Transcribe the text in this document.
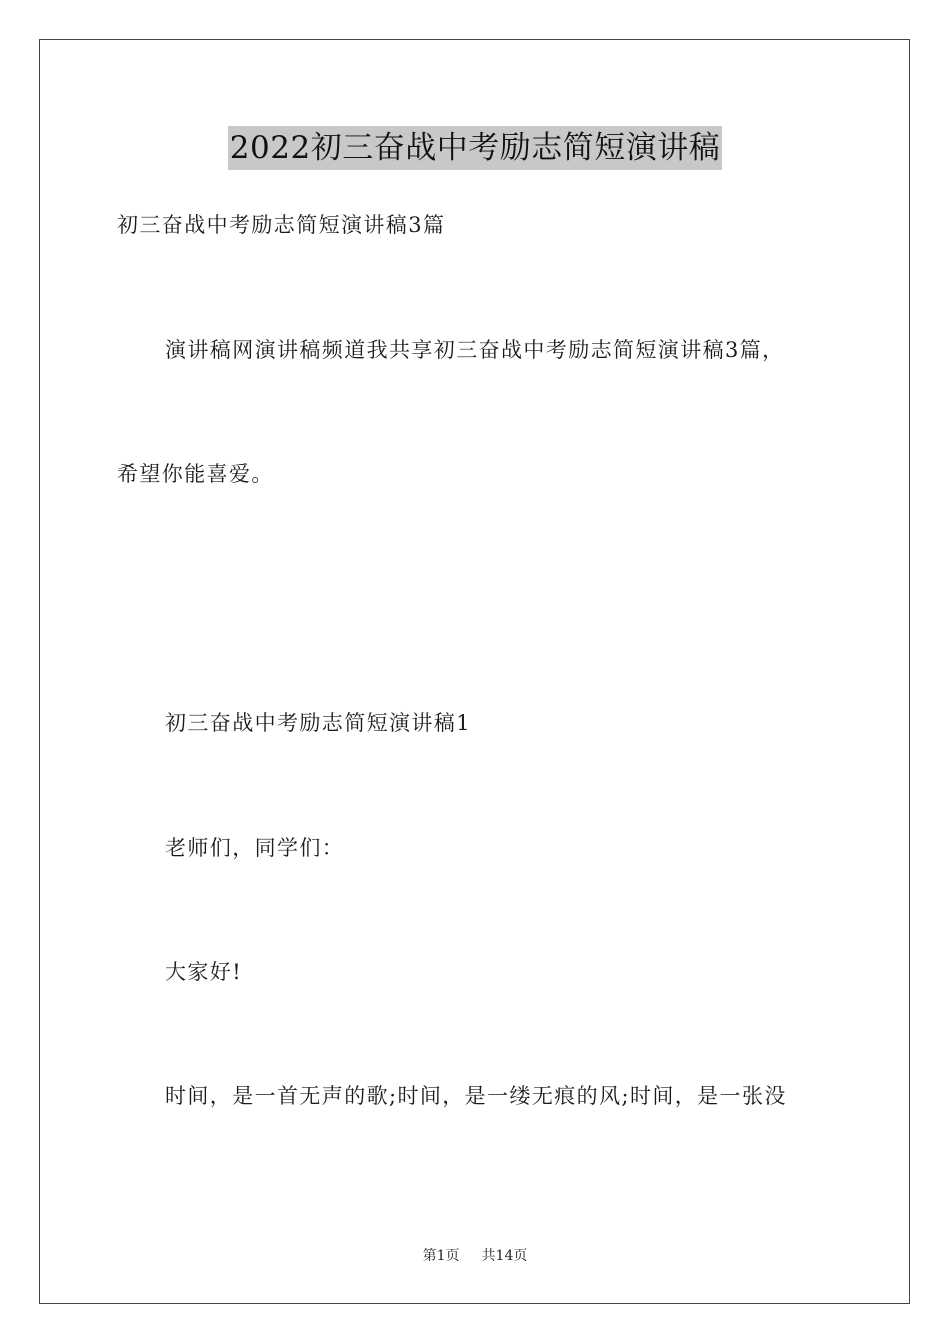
2022初三奋战中考励志简短演讲稿
初三奋战中考励志简短演讲稿3篇
演讲稿网演讲稿频道我共享初三奋战中考励志简短演讲稿3篇，
希望你能喜爱。
初三奋战中考励志简短演讲稿1
老师们，同学们：
大家好!
时间，是一首无声的歌;时间，是一缕无痕的风;时间，是一张没
第1页 共14页
